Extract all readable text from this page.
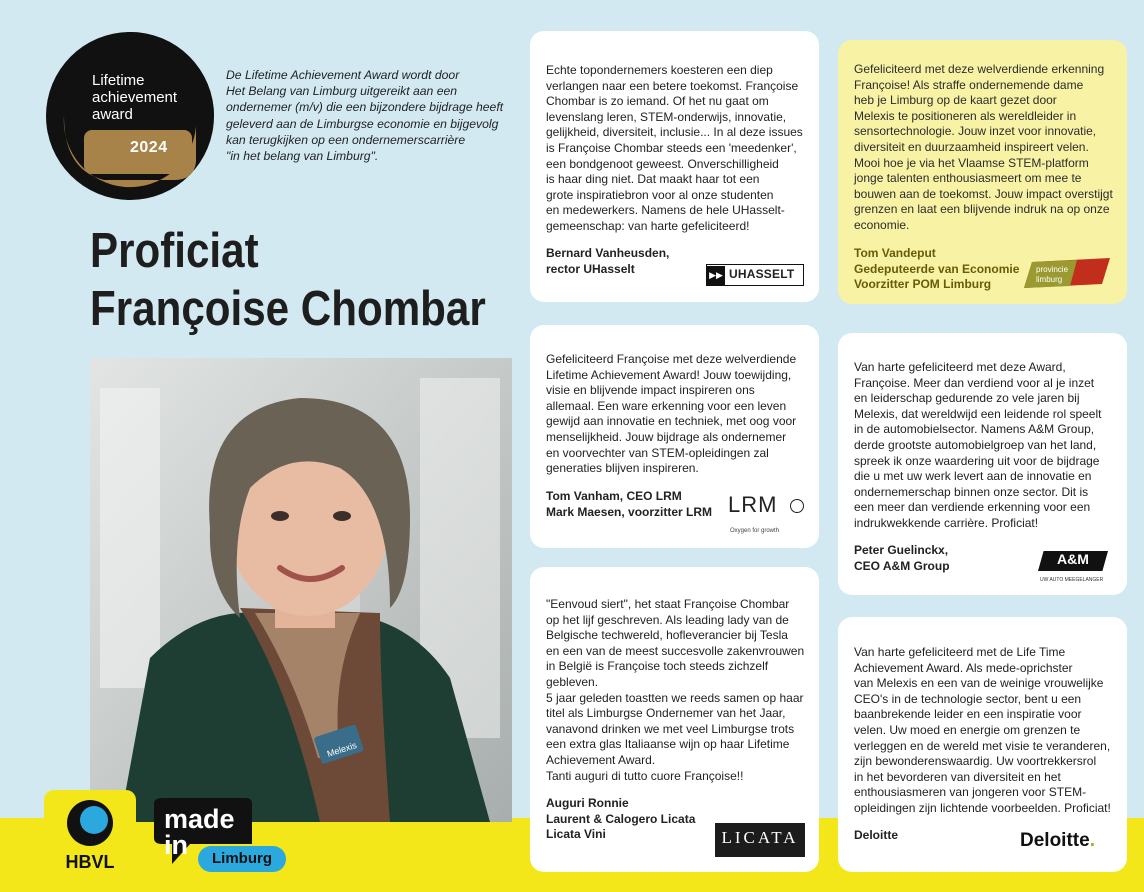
Lifetime
achievement
award
2024
De Lifetime Achievement Award wordt door
Het Belang van Limburg uitgereikt aan een
ondernemer (m/v) die een bijzondere bijdrage heeft
geleverd aan de Limburgse economie en bijgevolg
kan terugkijken op een ondernemerscarrière
"in het belang van Limburg".
Proficiat
Françoise Chombar
Melexis
Echte topondernemers koesteren een diep
verlangen naar een betere toekomst. Françoise
Chombar is zo iemand. Of het nu gaat om
levenslang leren, STEM-onderwijs, innovatie,
gelijkheid, diversiteit, inclusie... In al deze issues
is Françoise Chombar steeds een 'meedenker',
een bondgenoot geweest. Onverschilligheid
is haar ding niet. Dat maakt haar tot een
grote inspiratiebron voor al onze studenten
en medewerkers. Namens de hele UHasselt-
gemeenschap: van harte gefeliciteerd!
Bernard Vanheusden,
rector UHasselt	▶▶ UHASSELT
Gefeliciteerd met deze welverdiende erkenning
Françoise! Als straffe ondernemende dame
heb je Limburg op de kaart gezet door
Melexis te positioneren als wereldleider in
sensortechnologie. Jouw inzet voor innovatie,
diversiteit en duurzaamheid inspireert velen.
Mooi hoe je via het Vlaamse STEM-platform
jonge talenten enthousiasmeert om mee te
bouwen aan de toekomst. Jouw impact overstijgt
grenzen en laat een blijvende indruk na op onze
economie.
Tom Vandeput
Gedeputeerde van Economie
Voorzitter POM Limburg
provincie
limburg
Gefeliciteerd Françoise met deze welverdiende
Lifetime Achievement Award! Jouw toewijding,
visie en blijvende impact inspireren ons
allemaal. Een ware erkenning voor een leven
gewijd aan innovatie en techniek, met oog voor
menselijkheid. Jouw bijdrage als ondernemer
en voorvechter van STEM-opleidingen zal
generaties blijven inspireren.
Tom Vanham, CEO LRM
Mark Maesen, voorzitter LRM LRM
Oxygen for growth
Van harte gefeliciteerd met deze Award,
Françoise. Meer dan verdiend voor al je inzet
en leiderschap gedurende zo vele jaren bij
Melexis, dat wereldwijd een leidende rol speelt
in de automobielsector. Namens A&M Group,
derde grootste automobielgroep van het land,
spreek ik onze waardering uit voor de bijdrage
die u met uw werk levert aan de innovatie en
ondernemerschap binnen onze sector. Dit is
een meer dan verdiende erkenning voor een
indrukwekkende carrière. Proficiat!
Peter Guelinckx,
CEO A&M Group	A&M
UW AUTO MEEGELANGER
"Eenvoud siert", het staat Françoise Chombar
op het lijf geschreven. Als leading lady van de
Belgische techwereld, hofleverancier bij Tesla
en een van de meest succesvolle zakenvrouwen
in België is Françoise toch steeds zichzelf
gebleven.
5 jaar geleden toastten we reeds samen op haar
titel als Limburgse Ondernemer van het Jaar,
vanavond drinken we met veel Limburgse trots
een extra glas Italiaanse wijn op haar Lifetime
Achievement Award.
Tanti auguri di tutto cuore Françoise!!
Auguri Ronnie
Laurent & Calogero Licata
Licata Vini	LICATA
Van harte gefeliciteerd met de Life Time
Achievement Award. Als mede-oprichster
van Melexis en een van de weinige vrouwelijke
CEO's in de technologie sector, bent u een
baanbrekende leider en een inspiratie voor
velen. Uw moed en energie om grenzen te
verleggen en de wereld met visie te veranderen,
zijn bewonderenswaardig. Uw voortrekkersrol
in het bevorderen van diversiteit en het
enthousiasmeren van jongeren voor STEM-
opleidingen zijn lichtende voorbeelden. Proficiat!
Deloitte	Deloitte.
HBVL
made
in	Limburg
